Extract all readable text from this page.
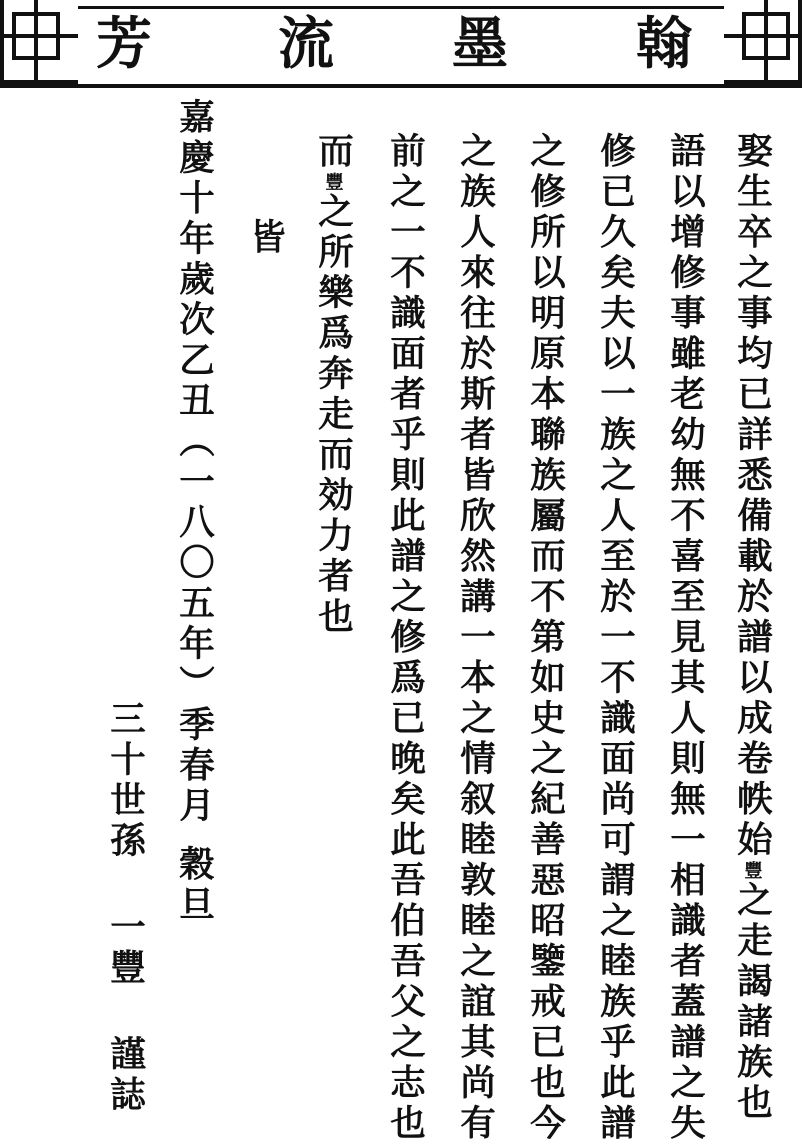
芳 流 墨 翰
娶生卒之事均已詳悉備載於譜以成卷帙始豐之走謁諸族也
語以增修事雖老幼無不喜至見其人則無一相識者蓋譜之失
修已久矣夫以一族之人至於一不識面尚可謂之睦族乎此譜
之修所以明原本聯族屬而不第如史之紀善惡昭鑒戒已也今
之族人來往於斯者皆欣然講一本之情叙睦敦睦之誼其尚有
前之一不識面者乎則此譜之修爲已晚矣此吾伯吾父之志也
而豐之所樂爲奔走而効力者也
皆
嘉慶十年歲次乙丑（一八〇五年）季春月
穀旦
三十世孫 一豐 謹誌
